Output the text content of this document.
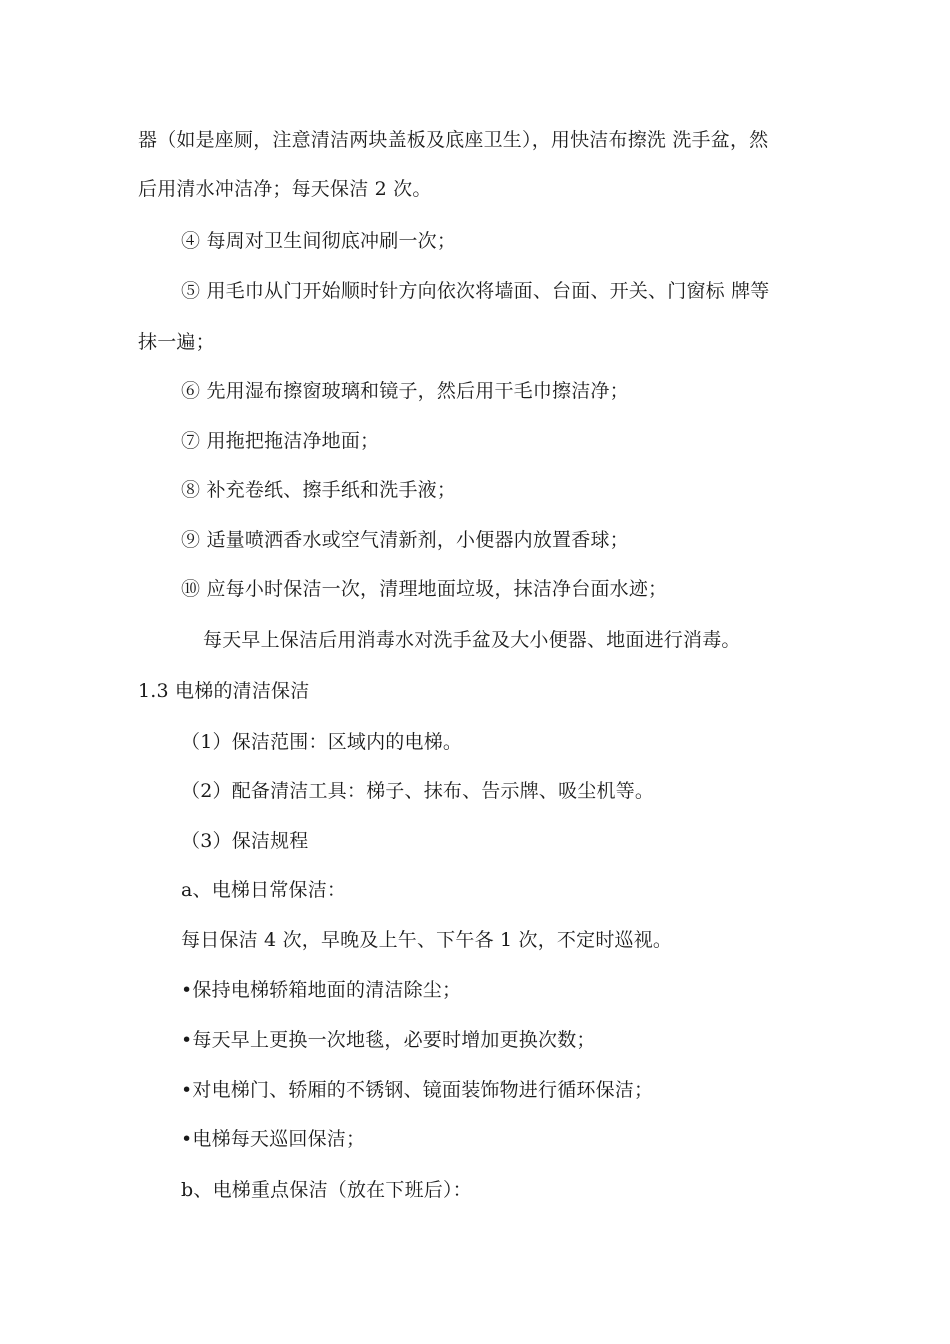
器（如是座厕，注意清洁两块盖板及底座卫生），用快洁布擦洗 洗手盆，然
后用清水冲洁净；每天保洁 2 次。
④ 每周对卫生间彻底冲刷一次；
⑤ 用毛巾从门开始顺时针方向依次将墙面、台面、开关、门窗标 牌等
抹一遍；
⑥ 先用湿布擦窗玻璃和镜子，然后用干毛巾擦洁净；
⑦ 用拖把拖洁净地面；
⑧ 补充卷纸、擦手纸和洗手液；
⑨ 适量喷洒香水或空气清新剂，小便器内放置香球；
⑩ 应每小时保洁一次，清理地面垃圾，抹洁净台面水迹；
每天早上保洁后用消毒水对洗手盆及大小便器、地面进行消毒。
1.3 电梯的清洁保洁
（1）保洁范围：区域内的电梯。
（2）配备清洁工具：梯子、抹布、告示牌、吸尘机等。
（3）保洁规程
a、电梯日常保洁：
每日保洁 4 次，早晚及上午、下午各 1 次，不定时巡视。
•保持电梯轿箱地面的清洁除尘；
•每天早上更换一次地毯，必要时增加更换次数；
•对电梯门、轿厢的不锈钢、镜面装饰物进行循环保洁；
•电梯每天巡回保洁；
b、电梯重点保洁（放在下班后）：
